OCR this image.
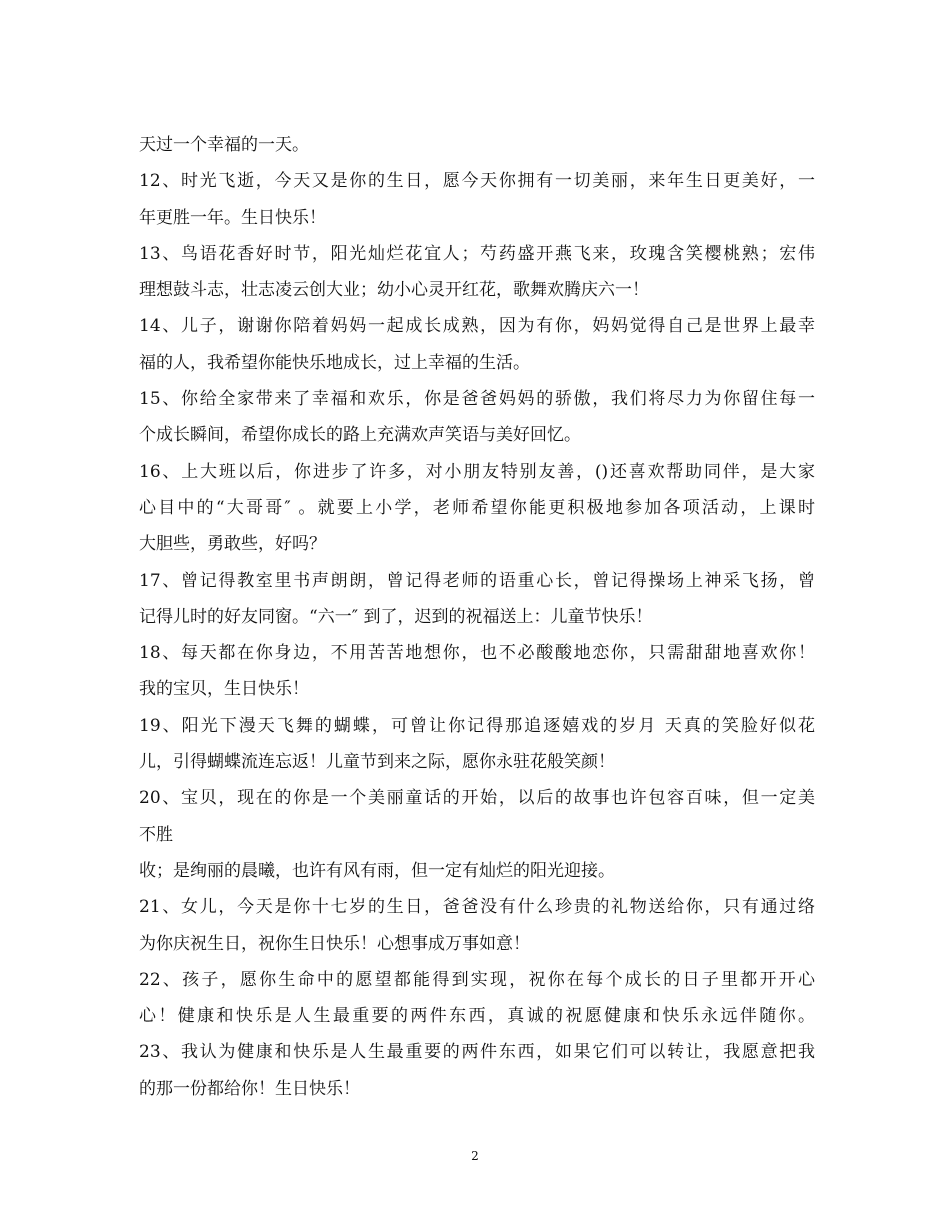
天过一个幸福的一天。
12、时光飞逝，今天又是你的生日，愿今天你拥有一切美丽，来年生日更美好，一
年更胜一年。生日快乐！
13、鸟语花香好时节，阳光灿烂花宜人；芍药盛开燕飞来，玫瑰含笑樱桃熟；宏伟
理想鼓斗志，壮志凌云创大业；幼小心灵开红花，歌舞欢腾庆六一！
14、儿子，谢谢你陪着妈妈一起成长成熟，因为有你，妈妈觉得自己是世界上最幸
福的人，我希望你能快乐地成长，过上幸福的生活。
15、你给全家带来了幸福和欢乐，你是爸爸妈妈的骄傲，我们将尽力为你留住每一
个成长瞬间，希望你成长的路上充满欢声笑语与美好回忆。
16、上大班以后，你进步了许多，对小朋友特别友善，()还喜欢帮助同伴，是大家
心目中的“大哥哥″ 。就要上小学，老师希望你能更积极地参加各项活动，上课时
大胆些，勇敢些，好吗？
17、曾记得教室里书声朗朗，曾记得老师的语重心长，曾记得操场上神采飞扬，曾
记得儿时的好友同窗。“六一″ 到了，迟到的祝福送上：儿童节快乐！
18、每天都在你身边，不用苦苦地想你，也不必酸酸地恋你，只需甜甜地喜欢你！
我的宝贝，生日快乐！
19、阳光下漫天飞舞的蝴蝶，可曾让你记得那追逐嬉戏的岁月 天真的笑脸好似花
儿，引得蝴蝶流连忘返！儿童节到来之际，愿你永驻花般笑颜！
20、宝贝，现在的你是一个美丽童话的开始，以后的故事也许包容百味，但一定美
不胜
收；是绚丽的晨曦，也许有风有雨，但一定有灿烂的阳光迎接。
21、女儿，今天是你十七岁的生日，爸爸没有什么珍贵的礼物送给你，只有通过络
为你庆祝生日，祝你生日快乐！心想事成万事如意！
22、孩子，愿你生命中的愿望都能得到实现，祝你在每个成长的日子里都开开心
心！健康和快乐是人生最重要的两件东西，真诚的祝愿健康和快乐永远伴随你。
23、我认为健康和快乐是人生最重要的两件东西，如果它们可以转让，我愿意把我
的那一份都给你！生日快乐！
2
